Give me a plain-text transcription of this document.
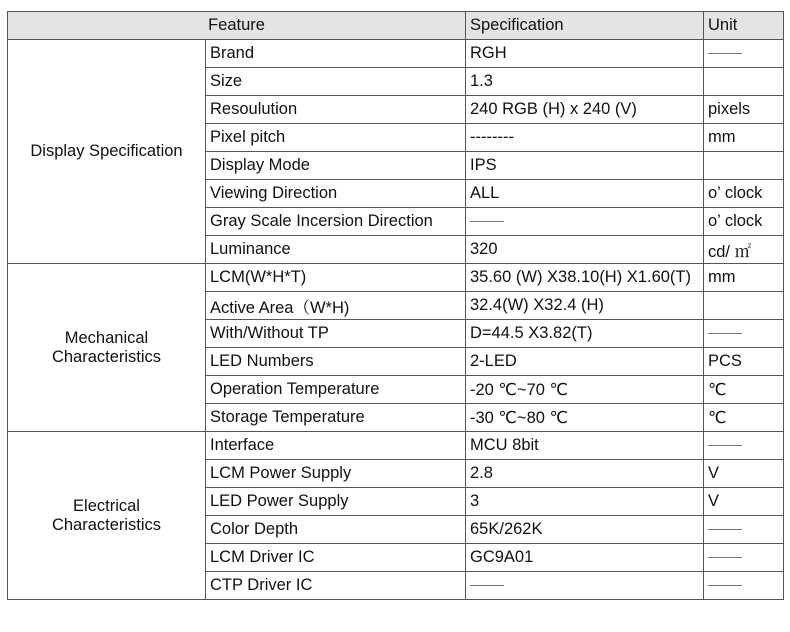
Feature		Specification	Unit
Display Specification	Brand	RGH	
	Size	1.3	
	Resoulution	240 RGB (H) x 240 (V)	pixels
	Pixel pitch	--------	mm
	Display Mode	IPS	
	Viewing Direction	ALL	o’ clock
	Gray Scale Incersion Direction		o’ clock
	Luminance	320	cd/ ㎡
Mechanical
Characteristics	LCM(W*H*T)	35.60 (W) X38.10(H) X1.60(T)	mm
	Active Area（W*H)	32.4(W) X32.4 (H)	
	With/Without TP	D=44.5 X3.82(T)	
	LED Numbers	2-LED	PCS
	Operation Temperature	-20 ℃~70 ℃	℃
	Storage Temperature	-30 ℃~80 ℃	℃
Electrical
Characteristics	Interface	MCU 8bit	
	LCM Power Supply	2.8	V
	LED Power Supply	3	V
	Color Depth	65K/262K	
	LCM Driver IC	GC9A01	
	CTP Driver IC		
